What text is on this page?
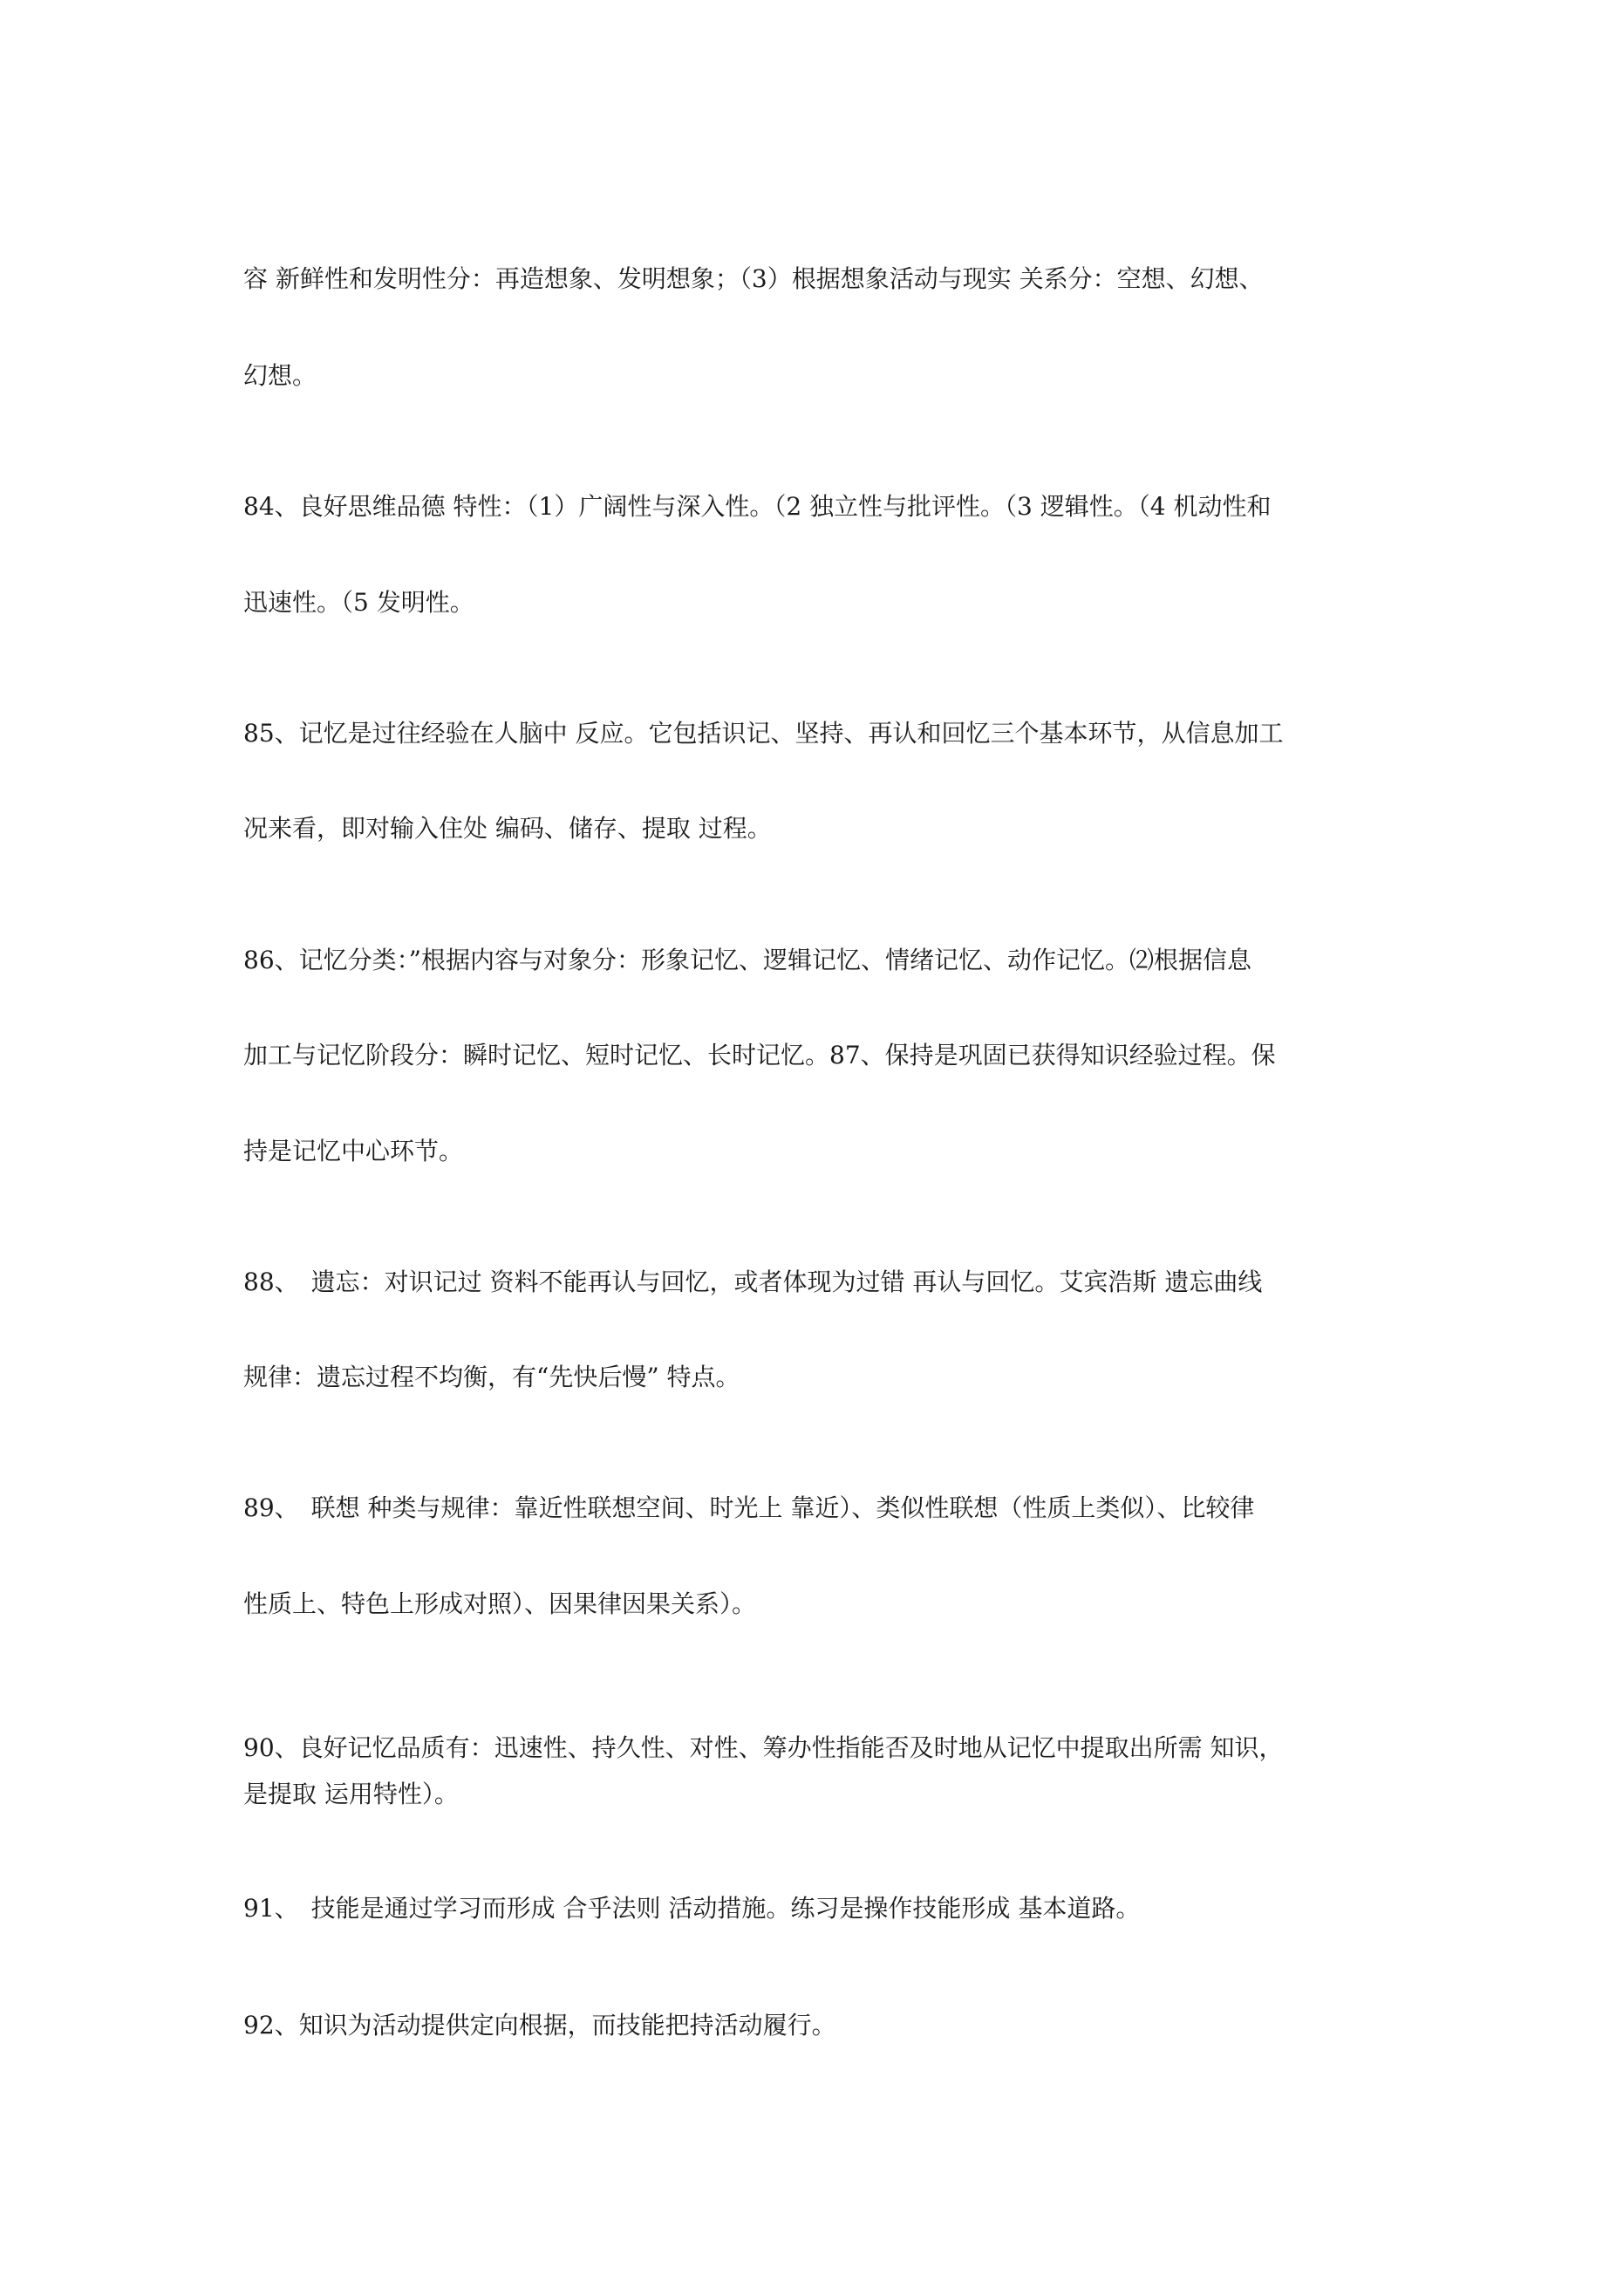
容 新鲜性和发明性分：再造想象、发明想象；（3）根据想象活动与现实 关系分：空想、幻想、
幻想。
84、良好思维品德 特性：（1）广阔性与深入性。（2 独立性与批评性。（3 逻辑性。（4 机动性和
迅速性。（5 发明性。
85、记忆是过往经验在人脑中 反应。它包括识记、坚持、再认和回忆三个基本环节，从信息加工
况来看，即对输入住处 编码、储存、提取 过程。
86、记忆分类：”根据内容与对象分：形象记忆、逻辑记忆、情绪记忆、动作记忆。⑵根据信息
加工与记忆阶段分：瞬时记忆、短时记忆、长时记忆。87、保持是巩固已获得知识经验过程。保
持是记忆中心环节。
88、　遗忘：对识记过 资料不能再认与回忆，或者体现为过错 再认与回忆。艾宾浩斯 遗忘曲线
规律：遗忘过程不均衡，有“先快后慢” 特点。
89、　联想 种类与规律：靠近性联想空间、时光上 靠近）、类似性联想（性质上类似）、比较律
性质上、特色上形成对照）、因果律因果关系）。
90、良好记忆品质有：迅速性、持久性、对性、筹办性指能否及时地从记忆中提取出所需 知识，
是提取 运用特性）。
91、　技能是通过学习而形成 合乎法则 活动措施。练习是操作技能形成 基本道路。
92、知识为活动提供定向根据，而技能把持活动履行。
